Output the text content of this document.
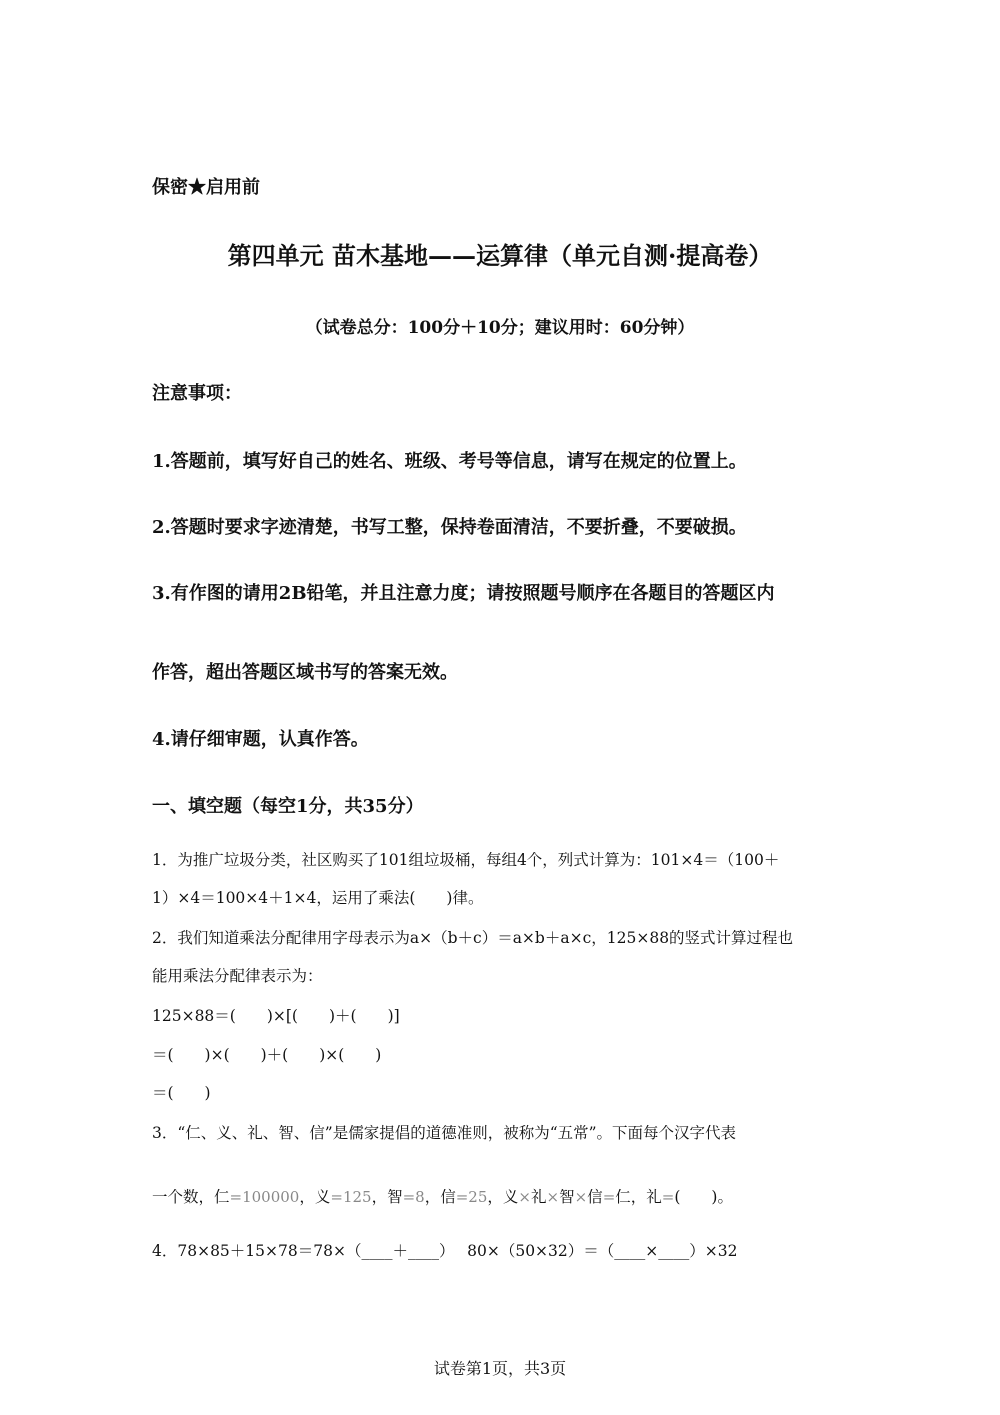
保密★启用前
第四单元 苗木基地——运算律（单元自测·提高卷）
（试卷总分：100分＋10分；建议用时：60分钟）
注意事项：
1.答题前，填写好自己的姓名、班级、考号等信息，请写在规定的位置上。
2.答题时要求字迹清楚，书写工整，保持卷面清洁，不要折叠，不要破损。
3.有作图的请用2B铅笔，并且注意力度；请按照题号顺序在各题目的答题区内
作答，超出答题区域书写的答案无效。
4.请仔细审题，认真作答。
一、填空题（每空1分，共35分）
1．为推广垃圾分类，社区购买了101组垃圾桶，每组4个，列式计算为：101×4＝（100＋
1）×4＝100×4＋1×4，运用了乘法(　　)律。
2．我们知道乘法分配律用字母表示为a×（b＋c）＝a×b＋a×c，125×88的竖式计算过程也
能用乘法分配律表示为：
125×88＝(　　)×[(　　)＋(　　)]
＝(　　)×(　　)＋(　　)×(　　)
＝(　　)
3．“仁、义、礼、智、信”是儒家提倡的道德准则，被称为“五常”。下面每个汉字代表
一个数，仁=100000，义=125，智=8，信=25，义×礼×智×信=仁，礼=(　　)。
4．78×85＋15×78＝78×（____＋____）　 80×（50×32）＝（____×____）×32
试卷第1页，共3页
